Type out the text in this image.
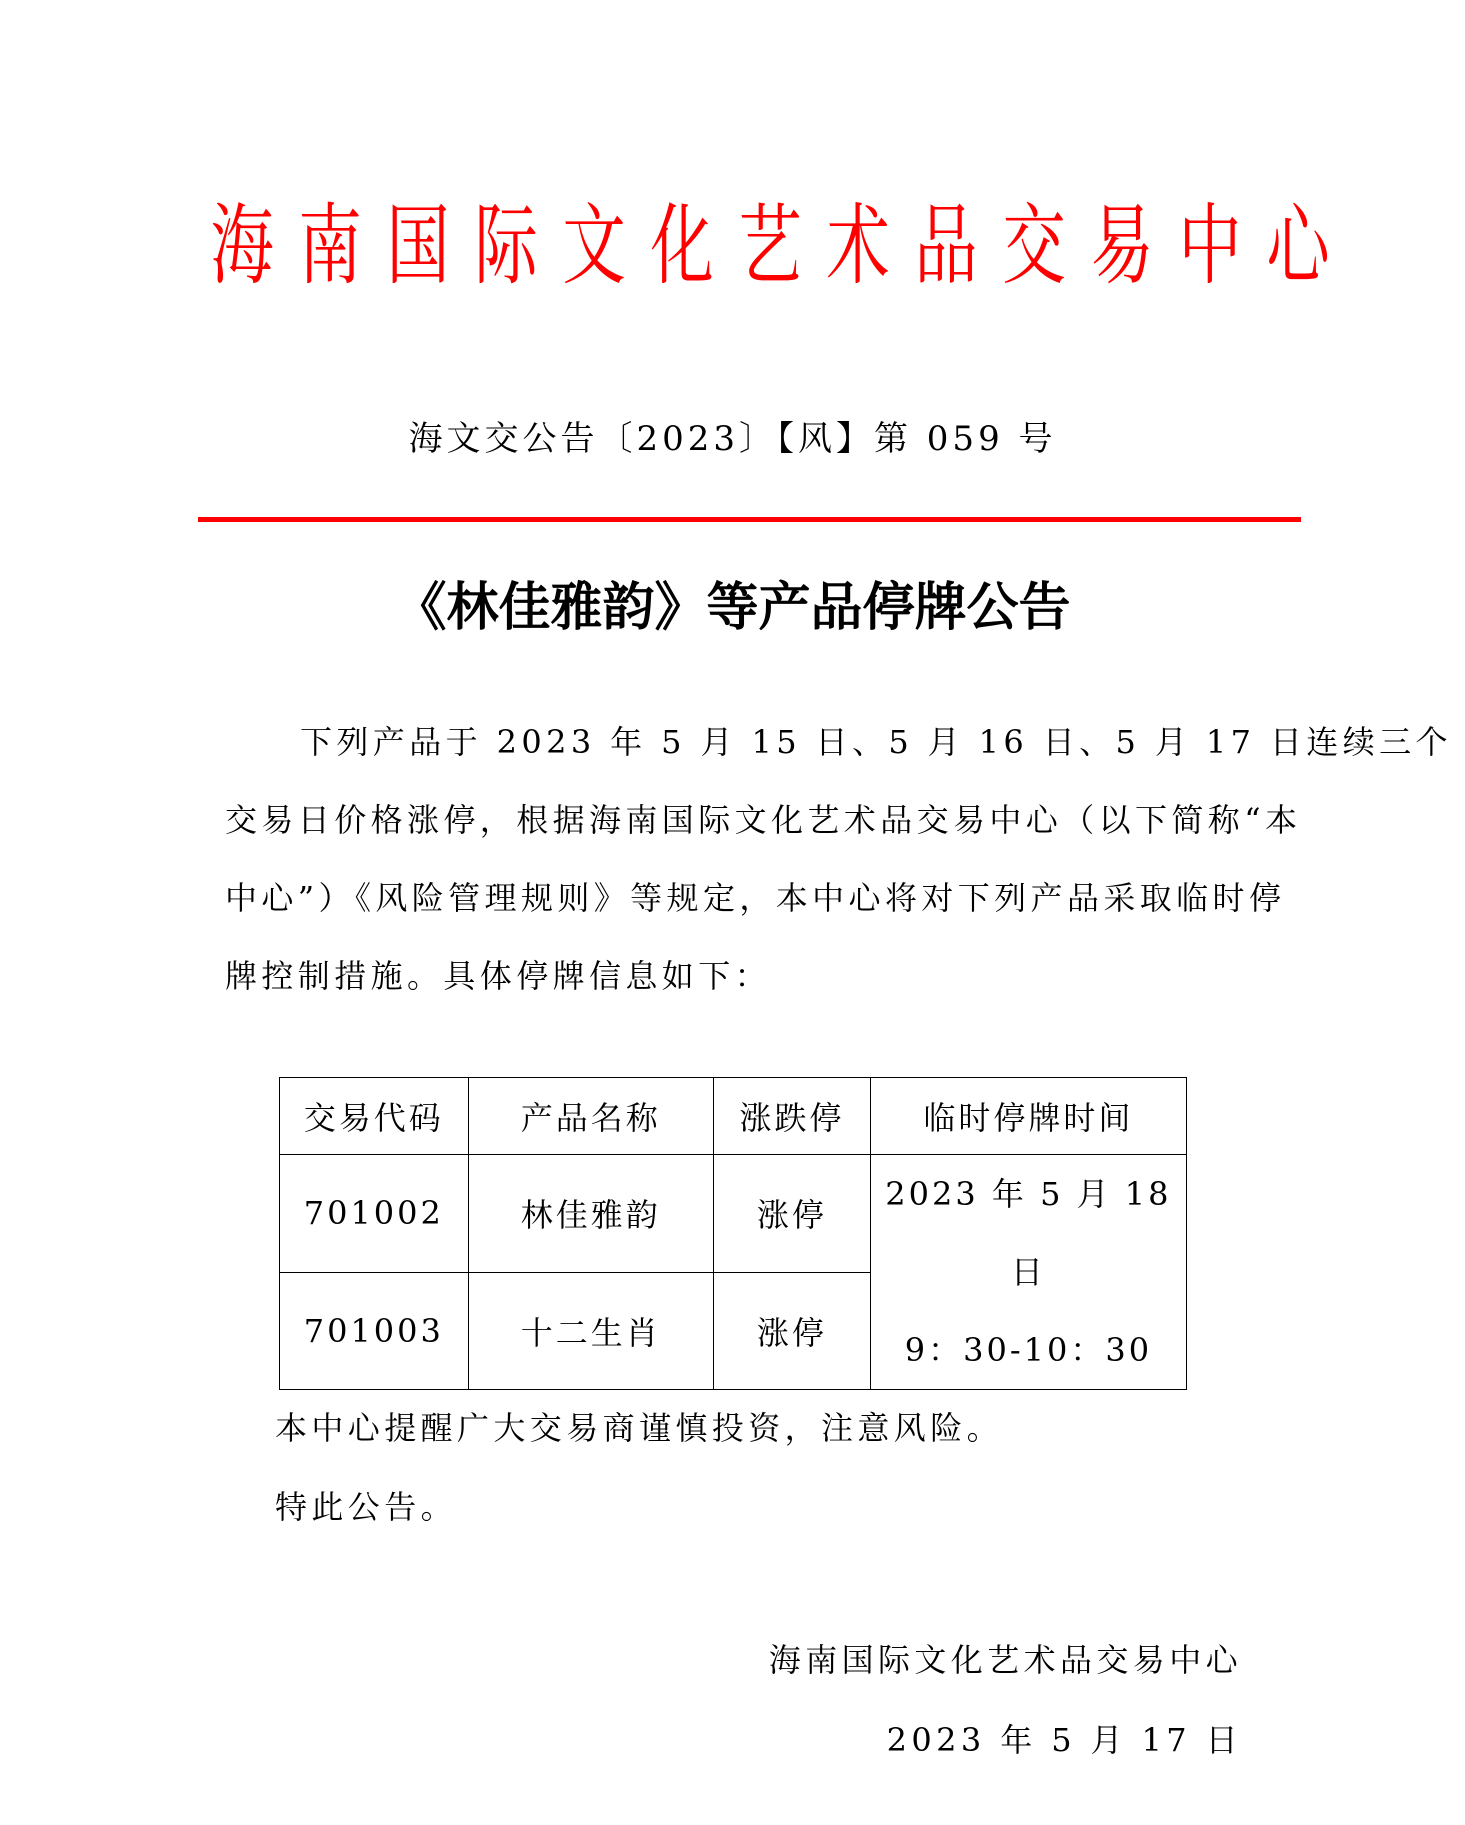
海 南 国 际 文 化 艺 术 品 交 易 中 心
海文交公告〔2023〕【风】第 059 号
《林佳雅韵》等产品停牌公告
下列产品于 2023 年 5 月 15 日、5 月 16 日、5 月 17 日连续三个
交易日价格涨停，根据海南国际文化艺术品交易中心（以下简称“本
中心”）《风险管理规则》等规定，本中心将对下列产品采取临时停
牌控制措施。具体停牌信息如下：
交易代码	产品名称	涨跌停	临时停牌时间
701002	林佳雅韵	涨停	2023 年 5 月 18 日
9：30-10：30

701003	十二生肖	涨停	
本中心提醒广大交易商谨慎投资，注意风险。
特此公告。
海南国际文化艺术品交易中心
2023 年 5 月 17 日
